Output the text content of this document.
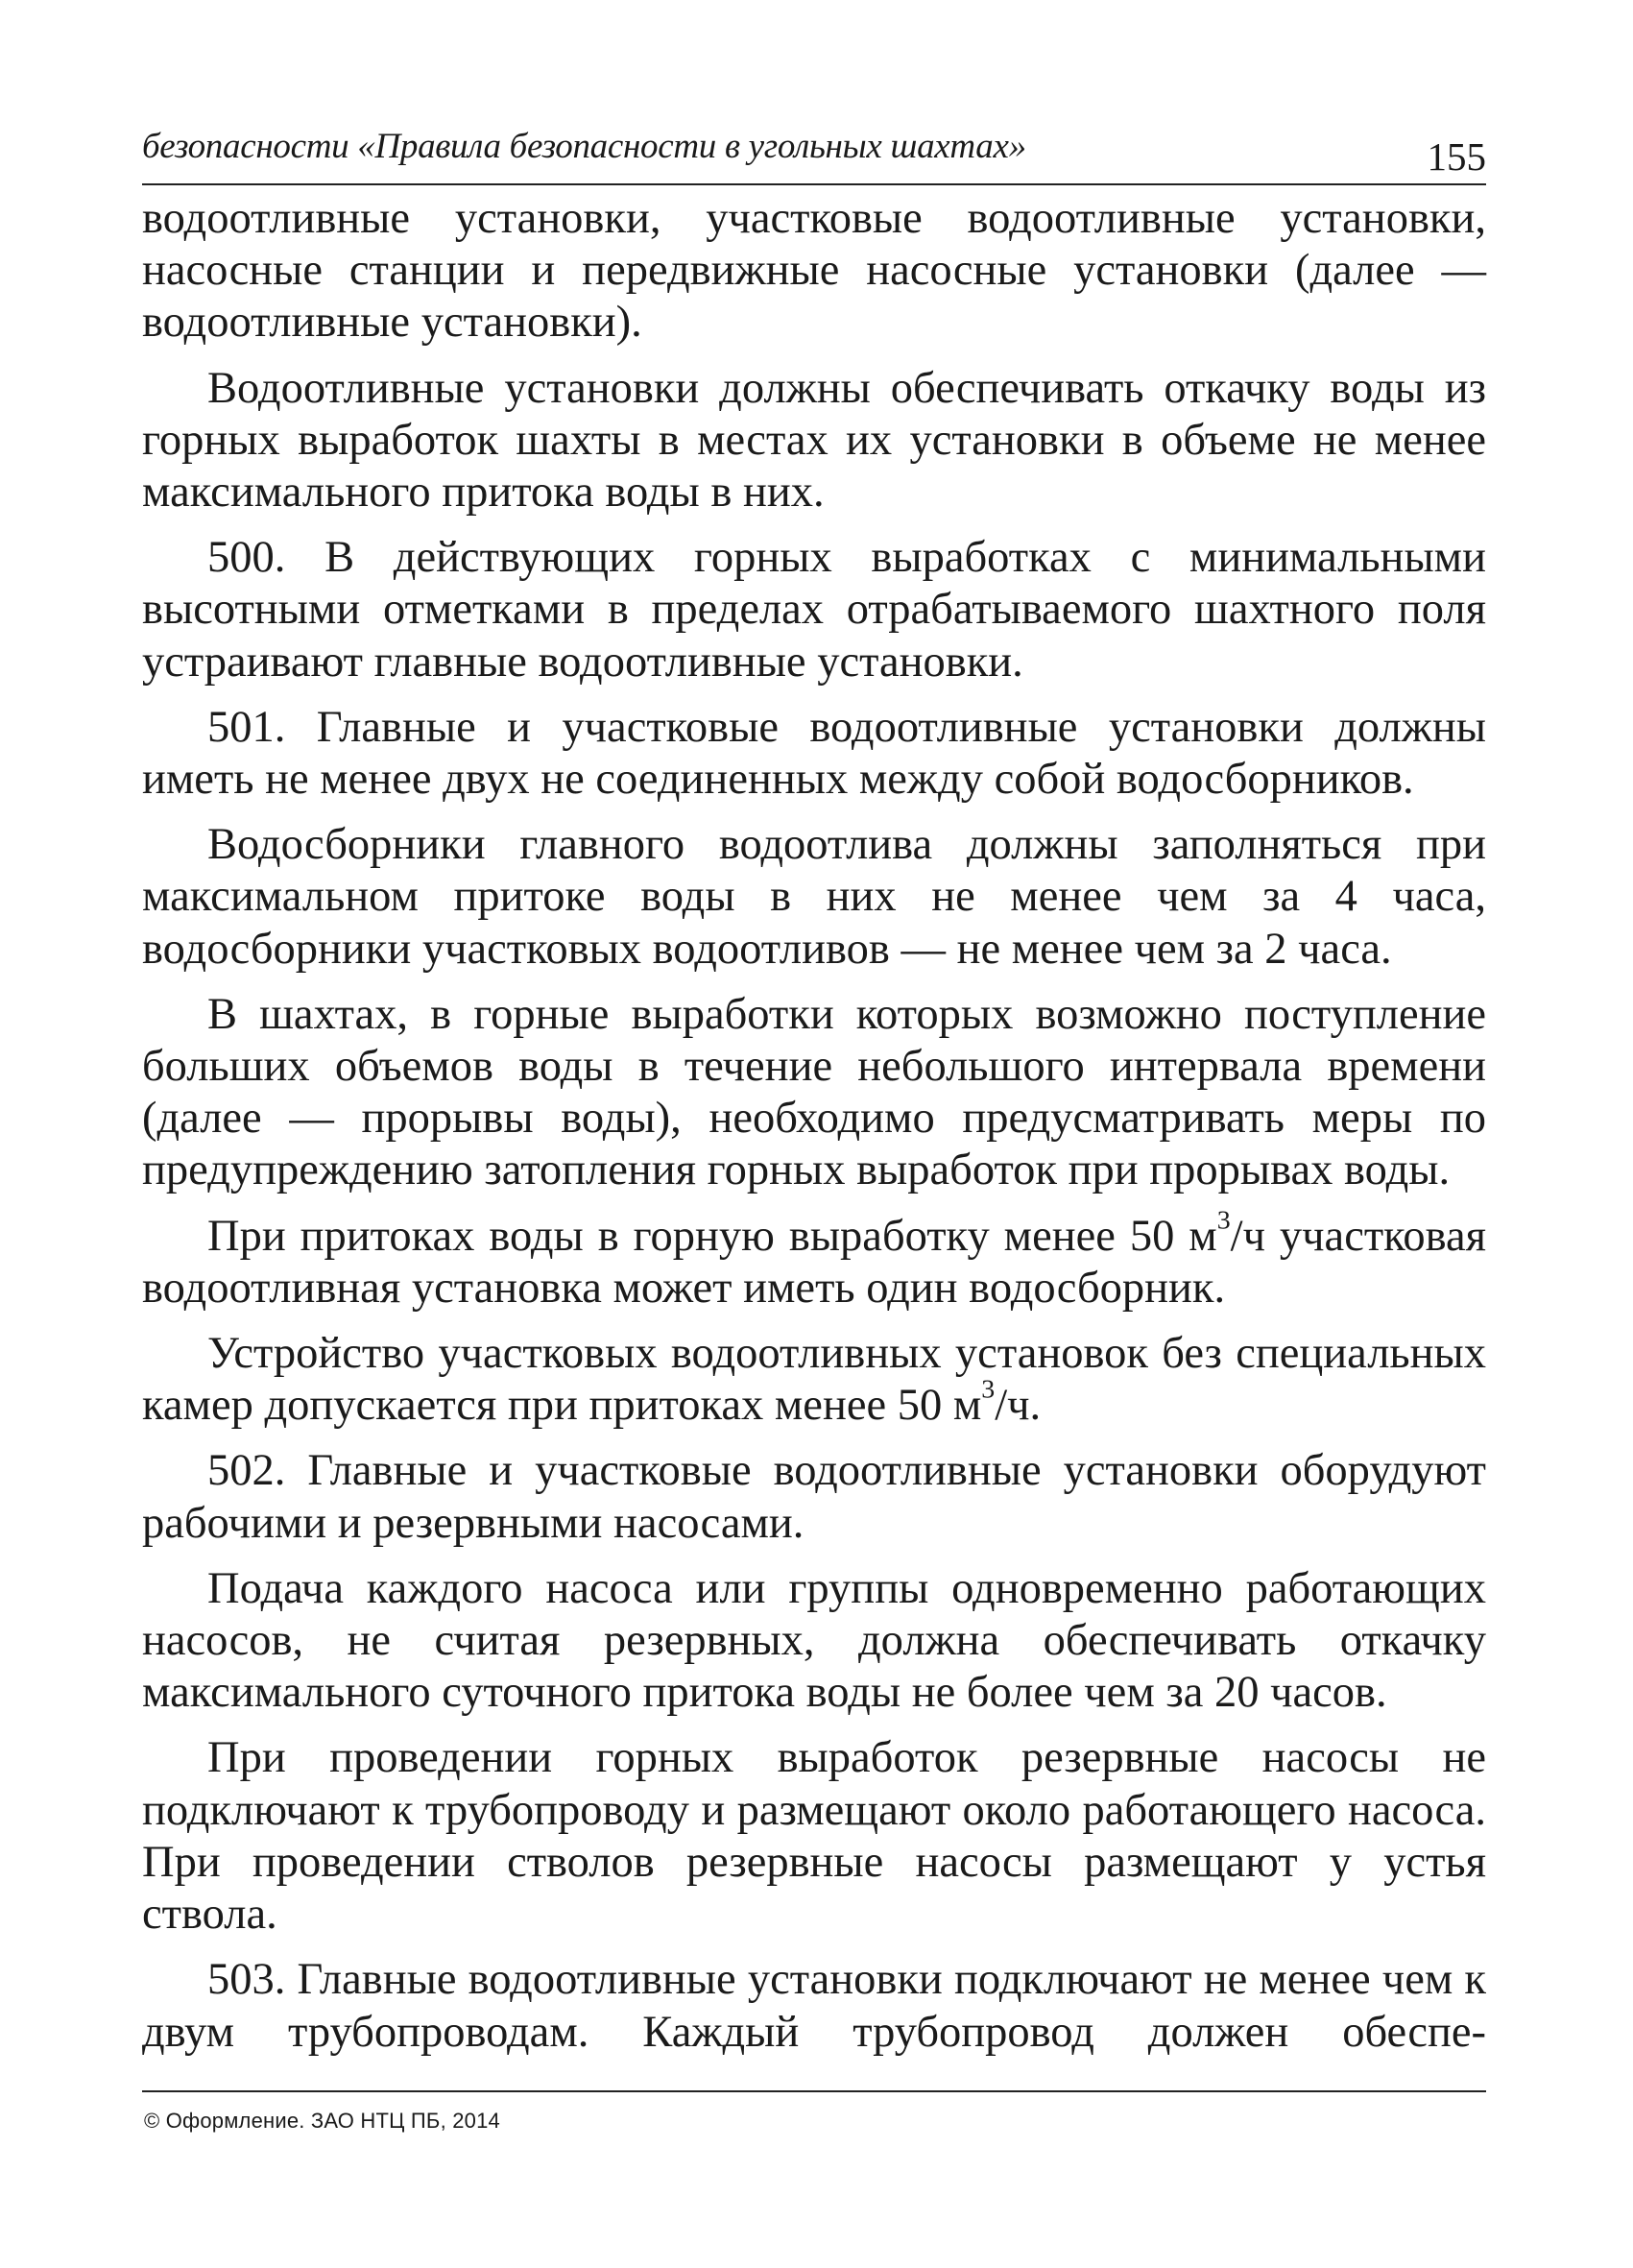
безопасности «Правила безопасности в угольных шахтах»	155

водоотливные установки, участковые водоотливные установки, насосные станции и передвижные насосные установки (далее — водоотливные установки).

Водоотливные установки должны обеспечивать откачку воды из горных выработок шахты в местах их установки в объеме не менее максимального притока воды в них.

500. В действующих горных выработках с минимальными высотными отметками в пределах отрабатываемого шахтного поля устраивают главные водоотливные установки.

501. Главные и участковые водоотливные установки должны иметь не менее двух не соединенных между собой водосборников.

Водосборники главного водоотлива должны заполняться при максимальном притоке воды в них не менее чем за 4 часа, водосборники участковых водоотливов — не менее чем за 2 часа.

В шахтах, в горные выработки которых возможно поступление больших объемов воды в течение небольшого интервала времени (далее — прорывы воды), необходимо предусматривать меры по предупреждению затопления горных выработок при прорывах воды.

При притоках воды в горную выработку менее 50 $м^3/ч$ участковая водоотливная установка может иметь один водосборник.

Устройство участковых водоотливных установок без специальных камер допускается при притоках менее 50 $м^3/ч$.

502. Главные и участковые водоотливные установки оборудуют рабочими и резервными насосами.

Подача каждого насоса или группы одновременно работающих насосов, не считая резервных, должна обеспечивать откачку максимального суточного притока воды не более чем за 20 часов.

При проведении горных выработок резервные насосы не подключают к трубопроводу и размещают около работающего насоса. При проведении стволов резервные насосы размещают у устья ствола.

503. Главные водоотливные установки подключают не менее чем к двум трубопроводам. Каждый трубопровод должен обеспе-

© Оформление. ЗАО НТЦ ПБ, 2014
